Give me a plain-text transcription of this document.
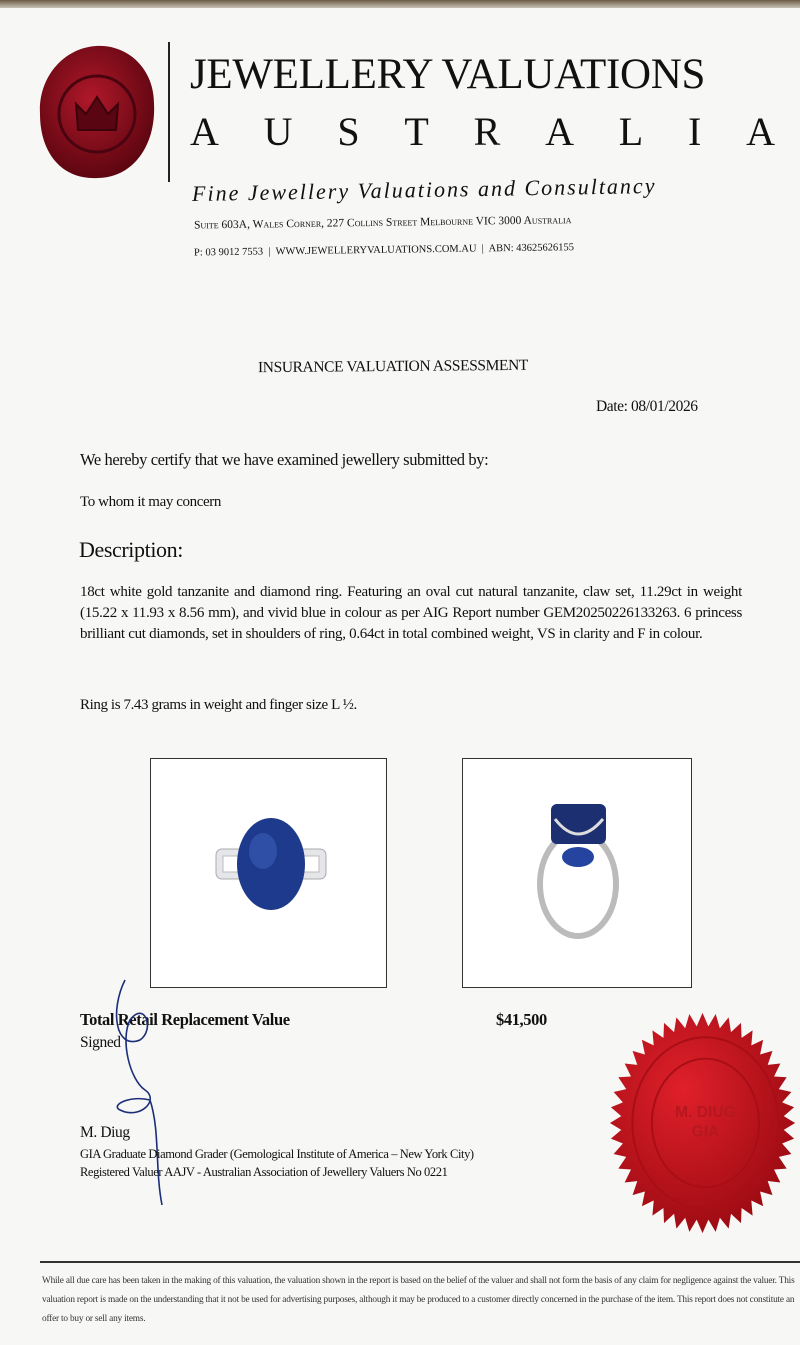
JEWELLERY VALUATIONS
A U S T R A L I A
Fine Jewellery Valuations and Consultancy
Suite 603A, Wales Corner, 227 Collins Street Melbourne VIC 3000 Australia
P: 03 9012 7553  |  WWW.JEWELLERYVALUATIONS.COM.AU  |  ABN: 43625626155
INSURANCE VALUATION ASSESSMENT
Date: 08/01/2026
We hereby certify that we have examined jewellery submitted by:
To whom it may concern
Description:
18ct white gold tanzanite and diamond ring. Featuring an oval cut natural tanzanite, claw set, 11.29ct in weight (15.22 x 11.93 x 8.56 mm), and vivid blue in colour as per AIG Report number GEM20250226133263. 6 princess brilliant cut diamonds, set in shoulders of ring, 0.64ct in total combined weight, VS in clarity and F in colour.
Ring is 7.43 grams in weight and finger size L ½.
Total Retail Replacement Value	$41,500
Signed
M. Diug
GIA Graduate Diamond Grader (Gemological Institute of America – New York City)
Registered Valuer AAJV - Australian Association of Jewellery Valuers No 0221
M. DIUG
GIA
While all due care has been taken in the making of this valuation, the valuation shown in the report is based on the belief of the valuer and shall not form the basis of any claim for negligence against the valuer. This valuation report is made on the understanding that it not be used for advertising purposes, although it may be produced to a customer directly concerned in the purchase of the item. This report does not constitute an offer to buy or sell any items.
